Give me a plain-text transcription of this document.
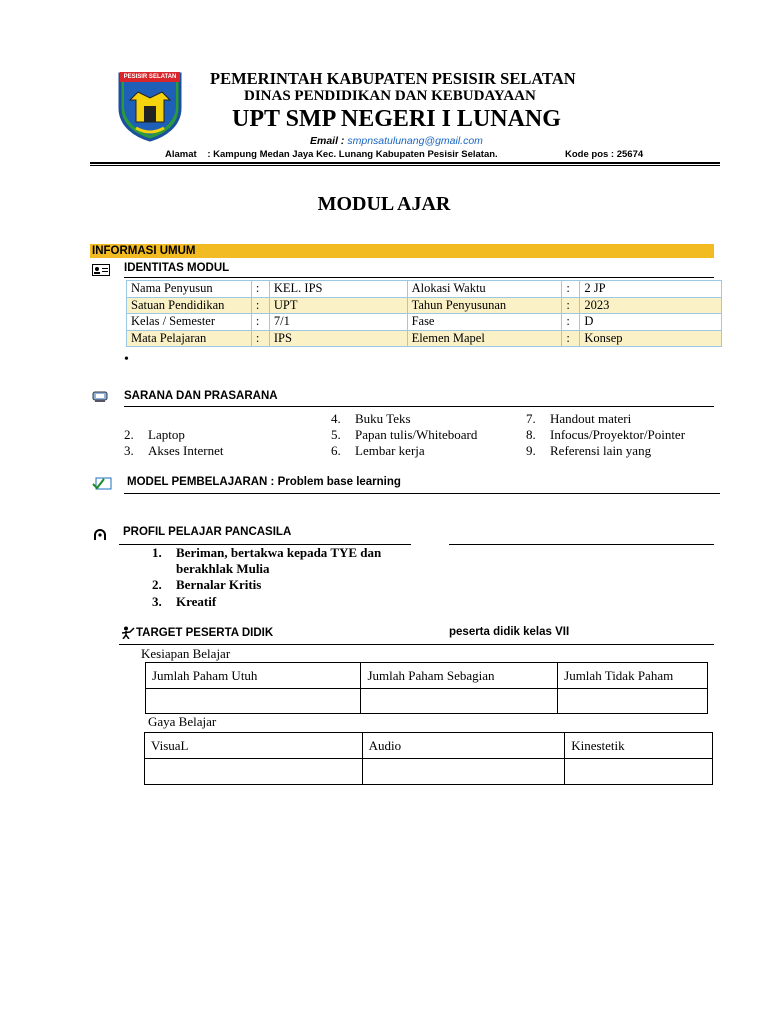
PESISIR SELATAN PEMERINTAH KABUPATEN PESISIR SELATAN
DINAS PENDIDIKAN DAN KEBUDAYAAN
UPT SMP NEGERI I LUNANG
Email : smpnsatulunang@gmail.com
Alamat : Kampung Medan Jaya Kec. Lunang Kabupaten Pesisir Selatan.	Kode pos : 25674
MODUL AJAR
INFORMASI UMUM
IDENTITAS MODUL
Nama Penyusun	:	KEL. IPS	Alokasi Waktu	:	2 JP
Satuan Pendidikan	:	UPT	Tahun Penyusunan	:	2023
Kelas / Semester	:	7/1	Fase	:	D
Mata Pelajaran	:	IPS	Elemen Mapel	:	Konsep
•
SARANA DAN PRASARANA
2. Laptop
3. Akses Internet
4. Buku Teks
5. Papan tulis/Whiteboard
6. Lembar kerja
7. Handout materi
8. Infocus/Proyektor/Pointer
9. Referensi lain yang
MODEL PEMBELAJARAN : Problem base learning
PROFIL PELAJAR PANCASILA
1. Beriman, bertakwa kepada TYE dan
berakhlak Mulia
2. Bernalar Kritis
3. Kreatif
TARGET PESERTA DIDIK	peserta didik kelas VII
Kesiapan Belajar
Jumlah Paham Utuh	Jumlah Paham Sebagian	Jumlah Tidak Paham

Gaya Belajar
VisuaL	Audio	Kinestetik
